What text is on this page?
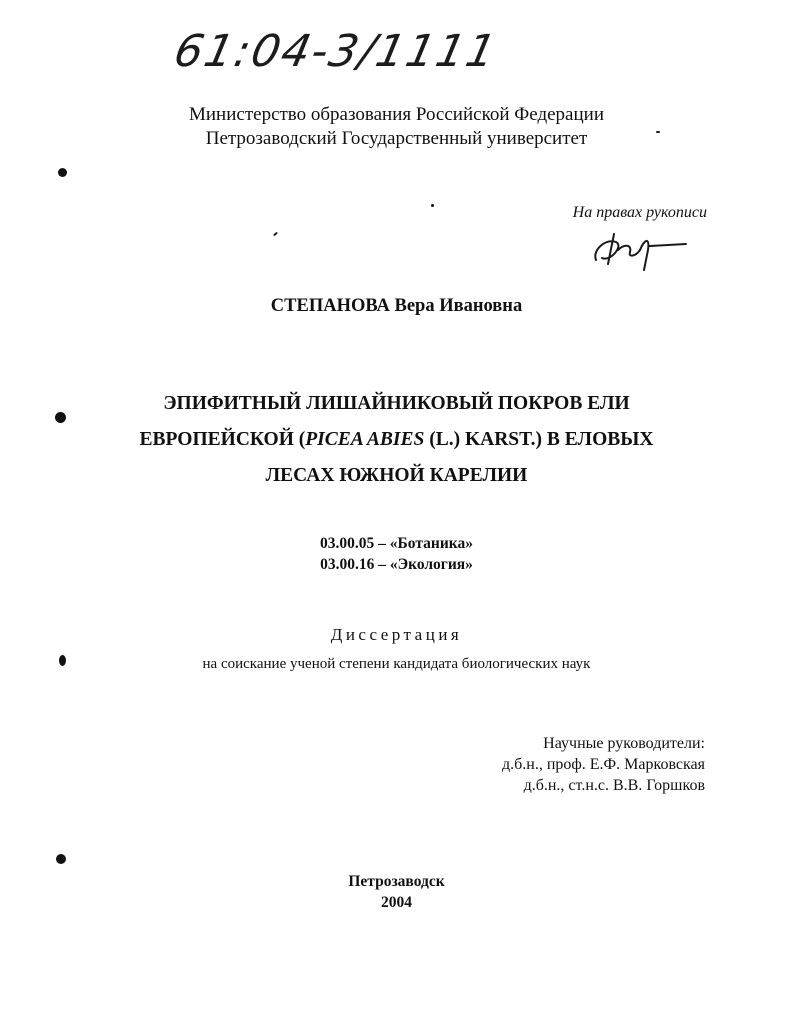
61:04-3/1111
Министерство образования Российской Федерации
Петрозаводский Государственный университет
На правах рукописи
СТЕПАНОВА Вера Ивановна
ЭПИФИТНЫЙ ЛИШАЙНИКОВЫЙ ПОКРОВ ЕЛИ
ЕВРОПЕЙСКОЙ (PICEA ABIES (L.) KARST.) В ЕЛОВЫХ
ЛЕСАХ ЮЖНОЙ КАРЕЛИИ
03.00.05 – «Ботаника»
03.00.16 – «Экология»
Диссертация
на соискание ученой степени кандидата биологических наук
Научные руководители:
д.б.н., проф. Е.Ф. Марковская
д.б.н., ст.н.с. В.В. Горшков
Петрозаводск
2004
